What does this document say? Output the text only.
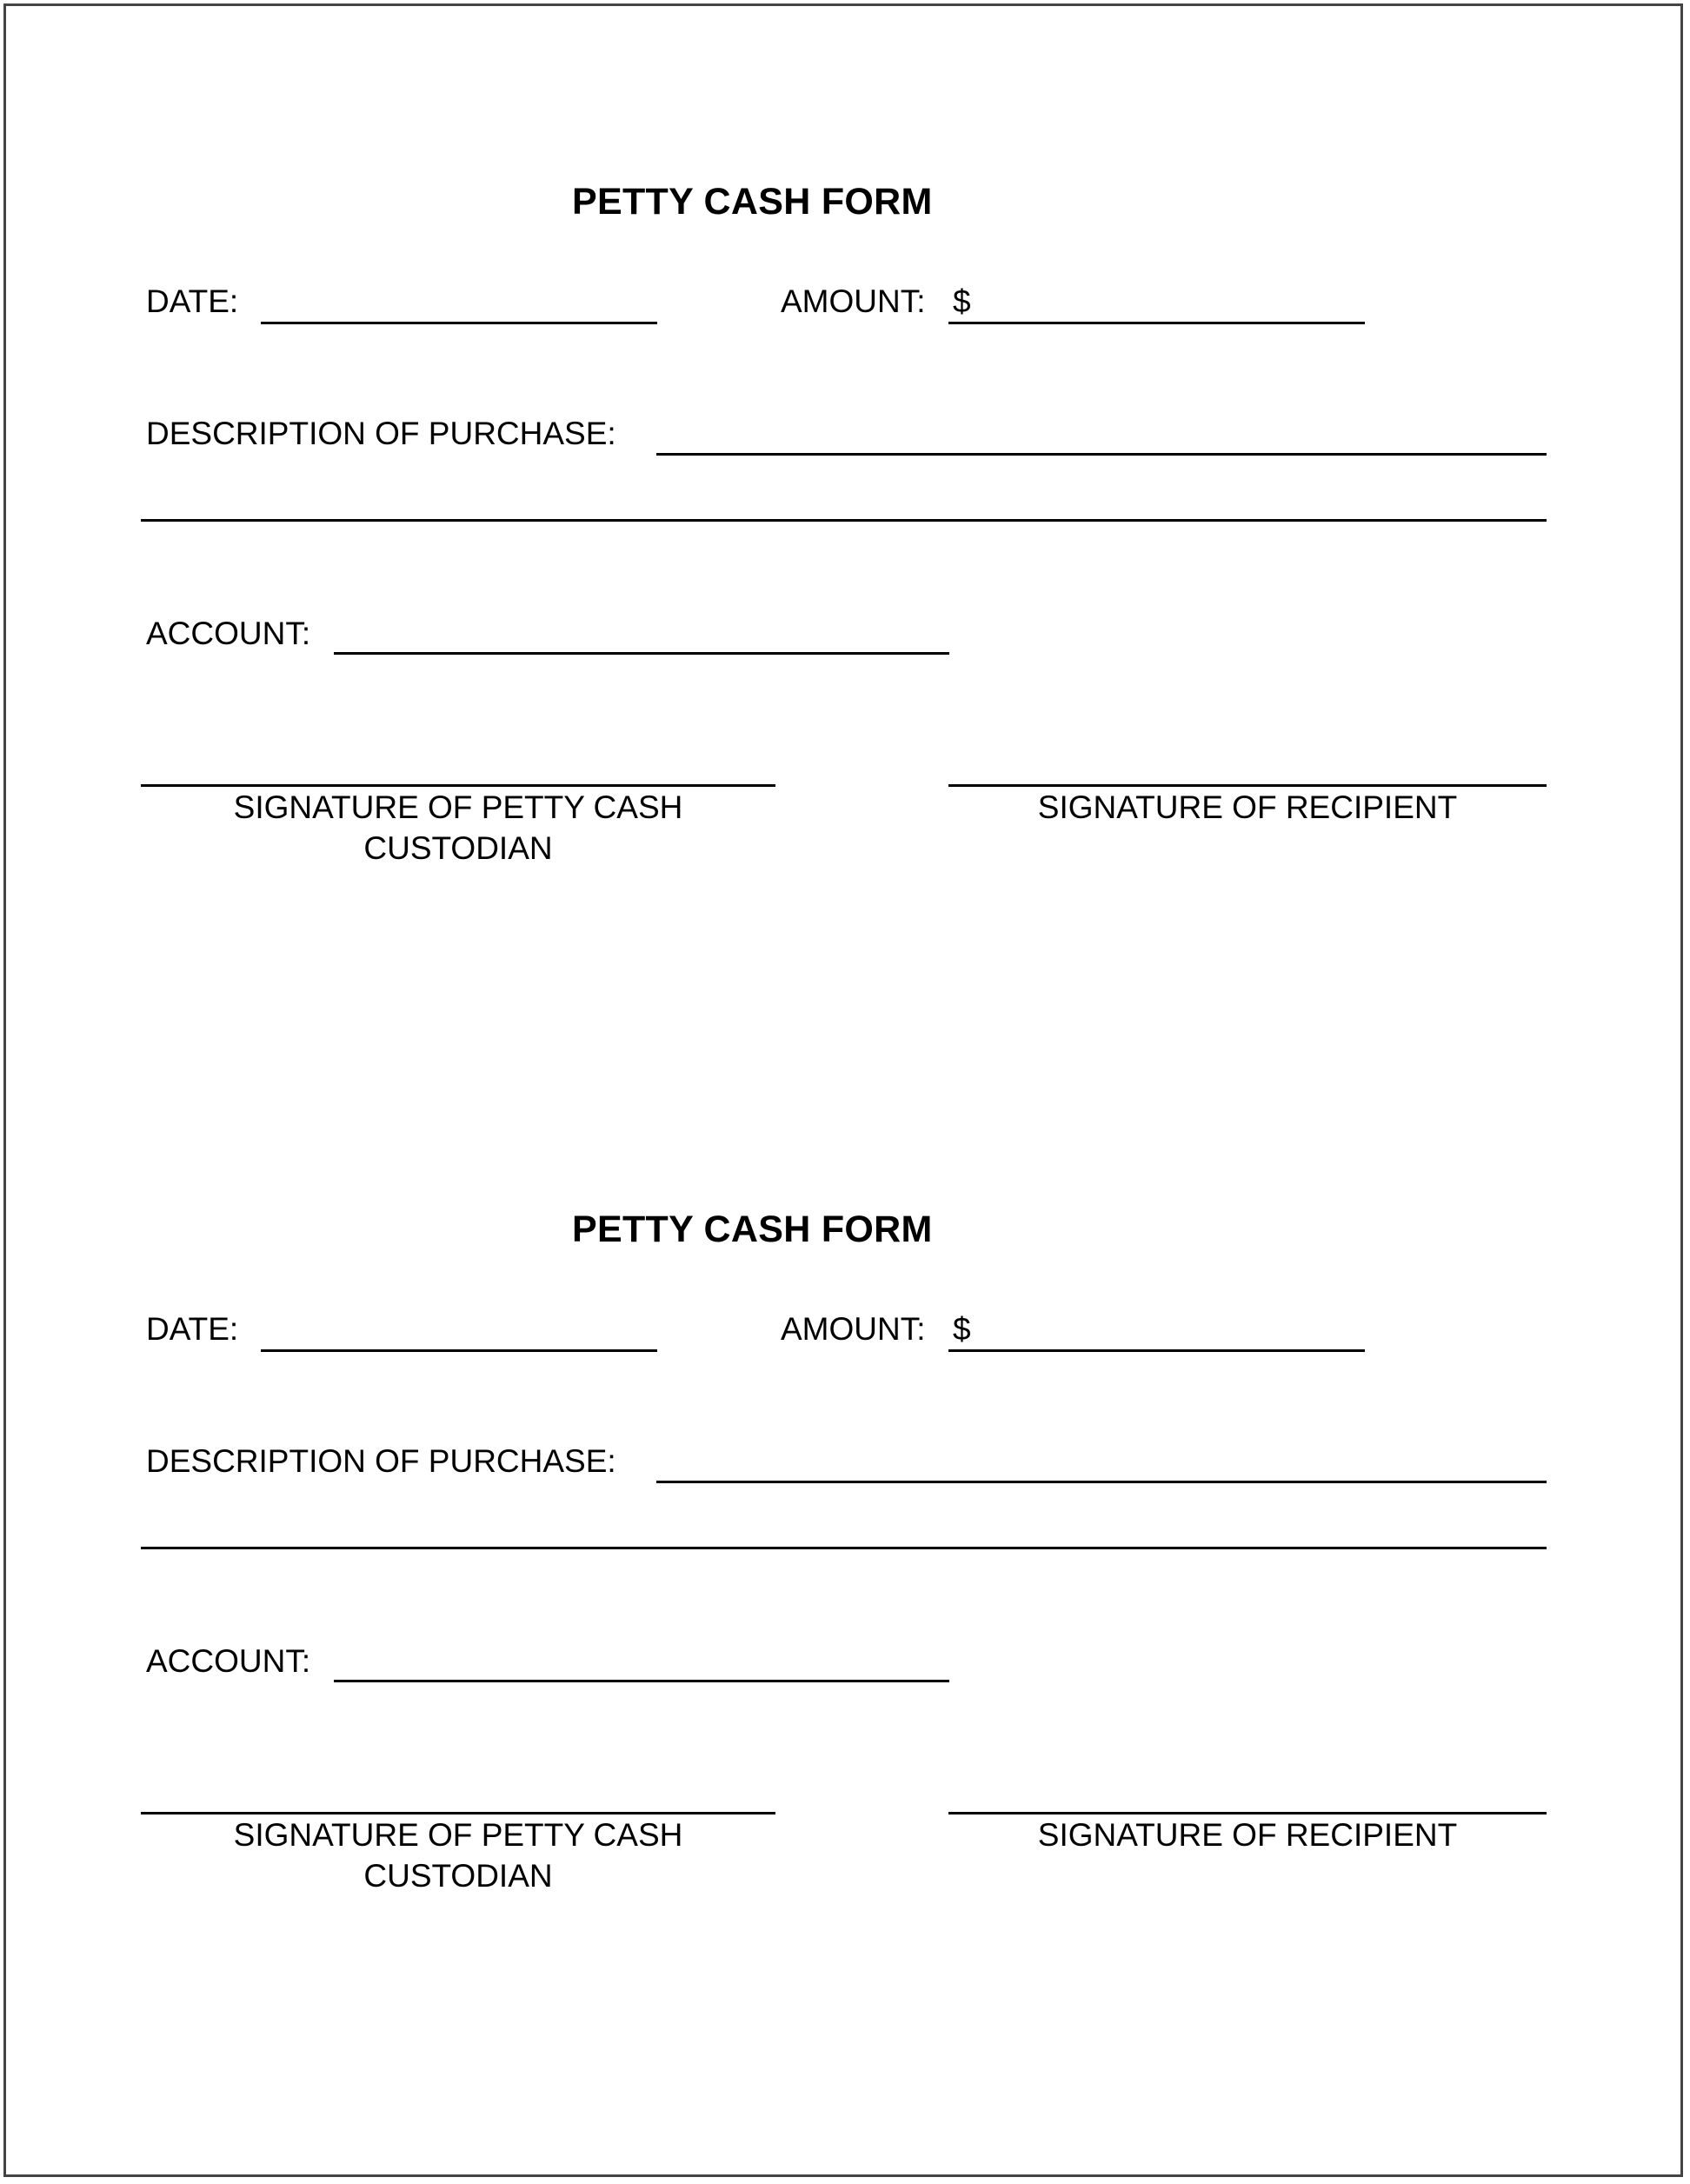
PETTY CASH FORM
DATE:	AMOUNT: $
DESCRIPTION OF PURCHASE:
ACCOUNT:
SIGNATURE OF PETTY CASH
CUSTODIAN
SIGNATURE OF RECIPIENT
PETTY CASH FORM
DATE:	AMOUNT: $
DESCRIPTION OF PURCHASE:
ACCOUNT:
SIGNATURE OF PETTY CASH
CUSTODIAN
SIGNATURE OF RECIPIENT
